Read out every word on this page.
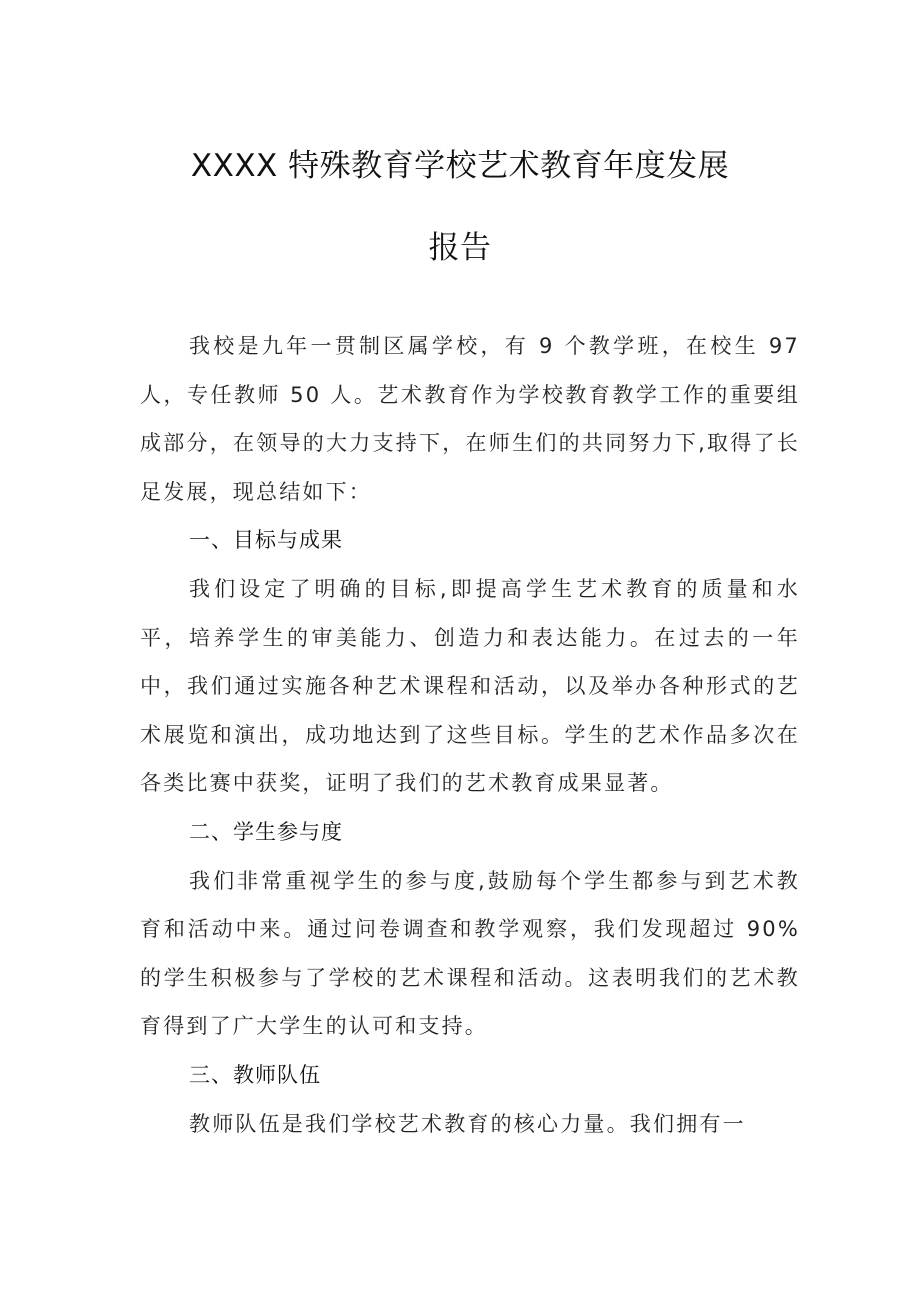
XXXX 特殊教育学校艺术教育年度发展
报告

我校是九年一贯制区属学校，有 9 个教学班，在校生 97 人，专任教师 50 人。艺术教育作为学校教育教学工作的重要组成部分，在领导的大力支持下，在师生们的共同努力下,取得了长足发展，现总结如下：

一、目标与成果

我们设定了明确的目标,即提高学生艺术教育的质量和水平，培养学生的审美能力、创造力和表达能力。在过去的一年中，我们通过实施各种艺术课程和活动，以及举办各种形式的艺术展览和演出，成功地达到了这些目标。学生的艺术作品多次在各类比赛中获奖，证明了我们的艺术教育成果显著。

二、学生参与度

我们非常重视学生的参与度,鼓励每个学生都参与到艺术教育和活动中来。通过问卷调查和教学观察，我们发现超过 90%的学生积极参与了学校的艺术课程和活动。这表明我们的艺术教育得到了广大学生的认可和支持。

三、教师队伍

教师队伍是我们学校艺术教育的核心力量。我们拥有一
